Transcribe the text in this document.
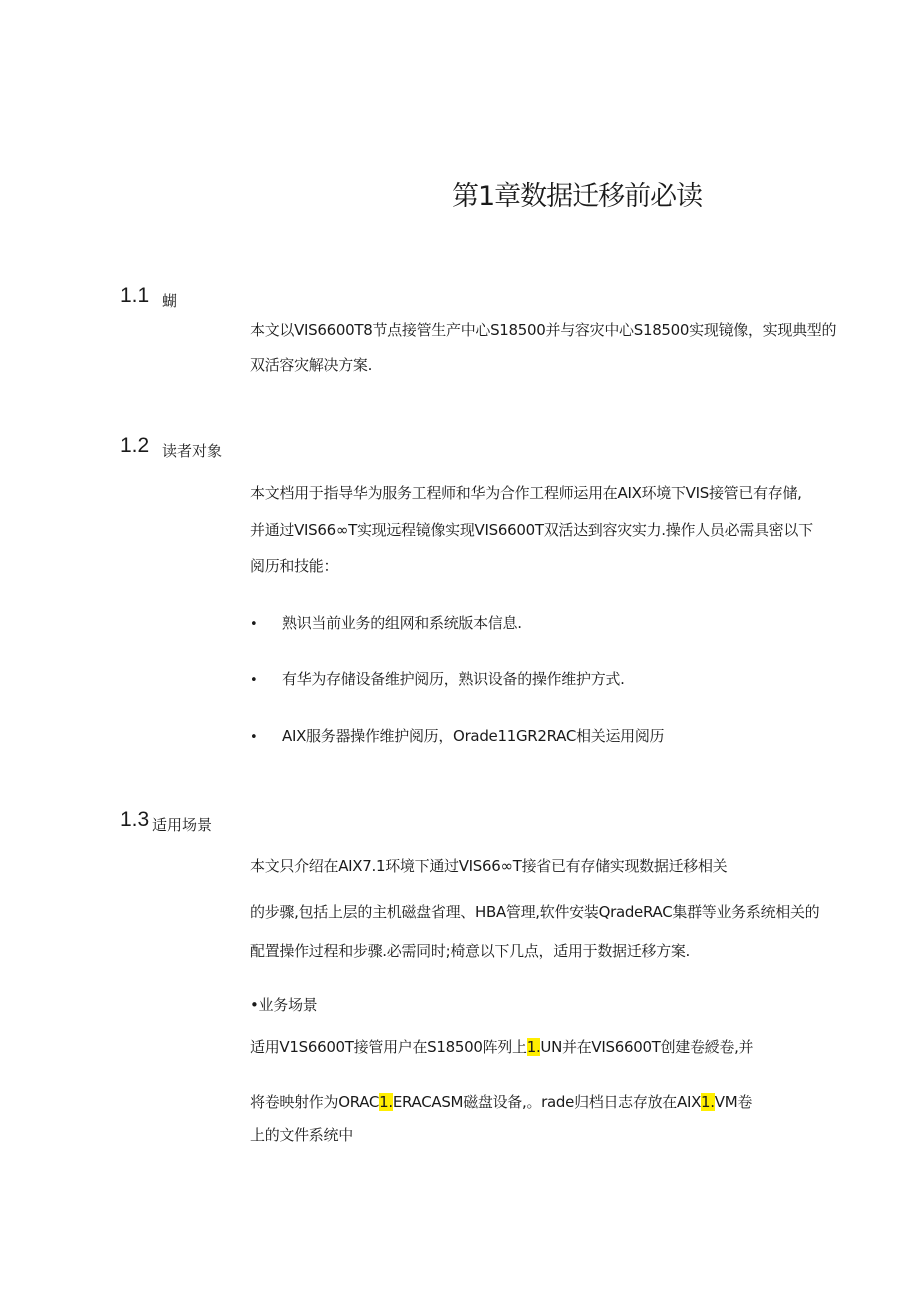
第1章数据迁移前必读
1.1 蝴
本文以VIS6600T8节点接管生产中心S18500并与容灾中心S18500实现镜像，实现典型的
双活容灾解决方案.
1.2 读者对象
本文档用于指导华为服务工程师和华为合作工程师运用在AIX环境下VIS接管已有存储,
并通过VIS66∞T实现远程镜像实现VIS6600T双活达到容灾实力.操作人员必需具密以下
阅历和技能：
• 熟识当前业务的组网和系统版本信息.
• 有华为存储设备维护阅历，熟识设备的操作维护方式.
• AIX服务器操作维护阅历，Orade11GR2RAC相关运用阅历
1.3 适用场景
本文只介绍在AIX7.1环境下通过VIS66∞T接省已有存储实现数据迁移相关
的步骤,包括上层的主机磁盘省理、HBA管理,软件安装QradeRAC集群等业务系统相关的
配置操作过程和步骤.必需同时;椅意以下几点，适用于数据迁移方案.
•业务场景
适用V1S6600T接管用户在S18500阵列上1.UN并在VIS6600T创建卷綬卷,并
将卷映射作为ORAC1.ERACASM磁盘设备,。rade归档日志存放在AIX1.VM卷
上的文件系统中
